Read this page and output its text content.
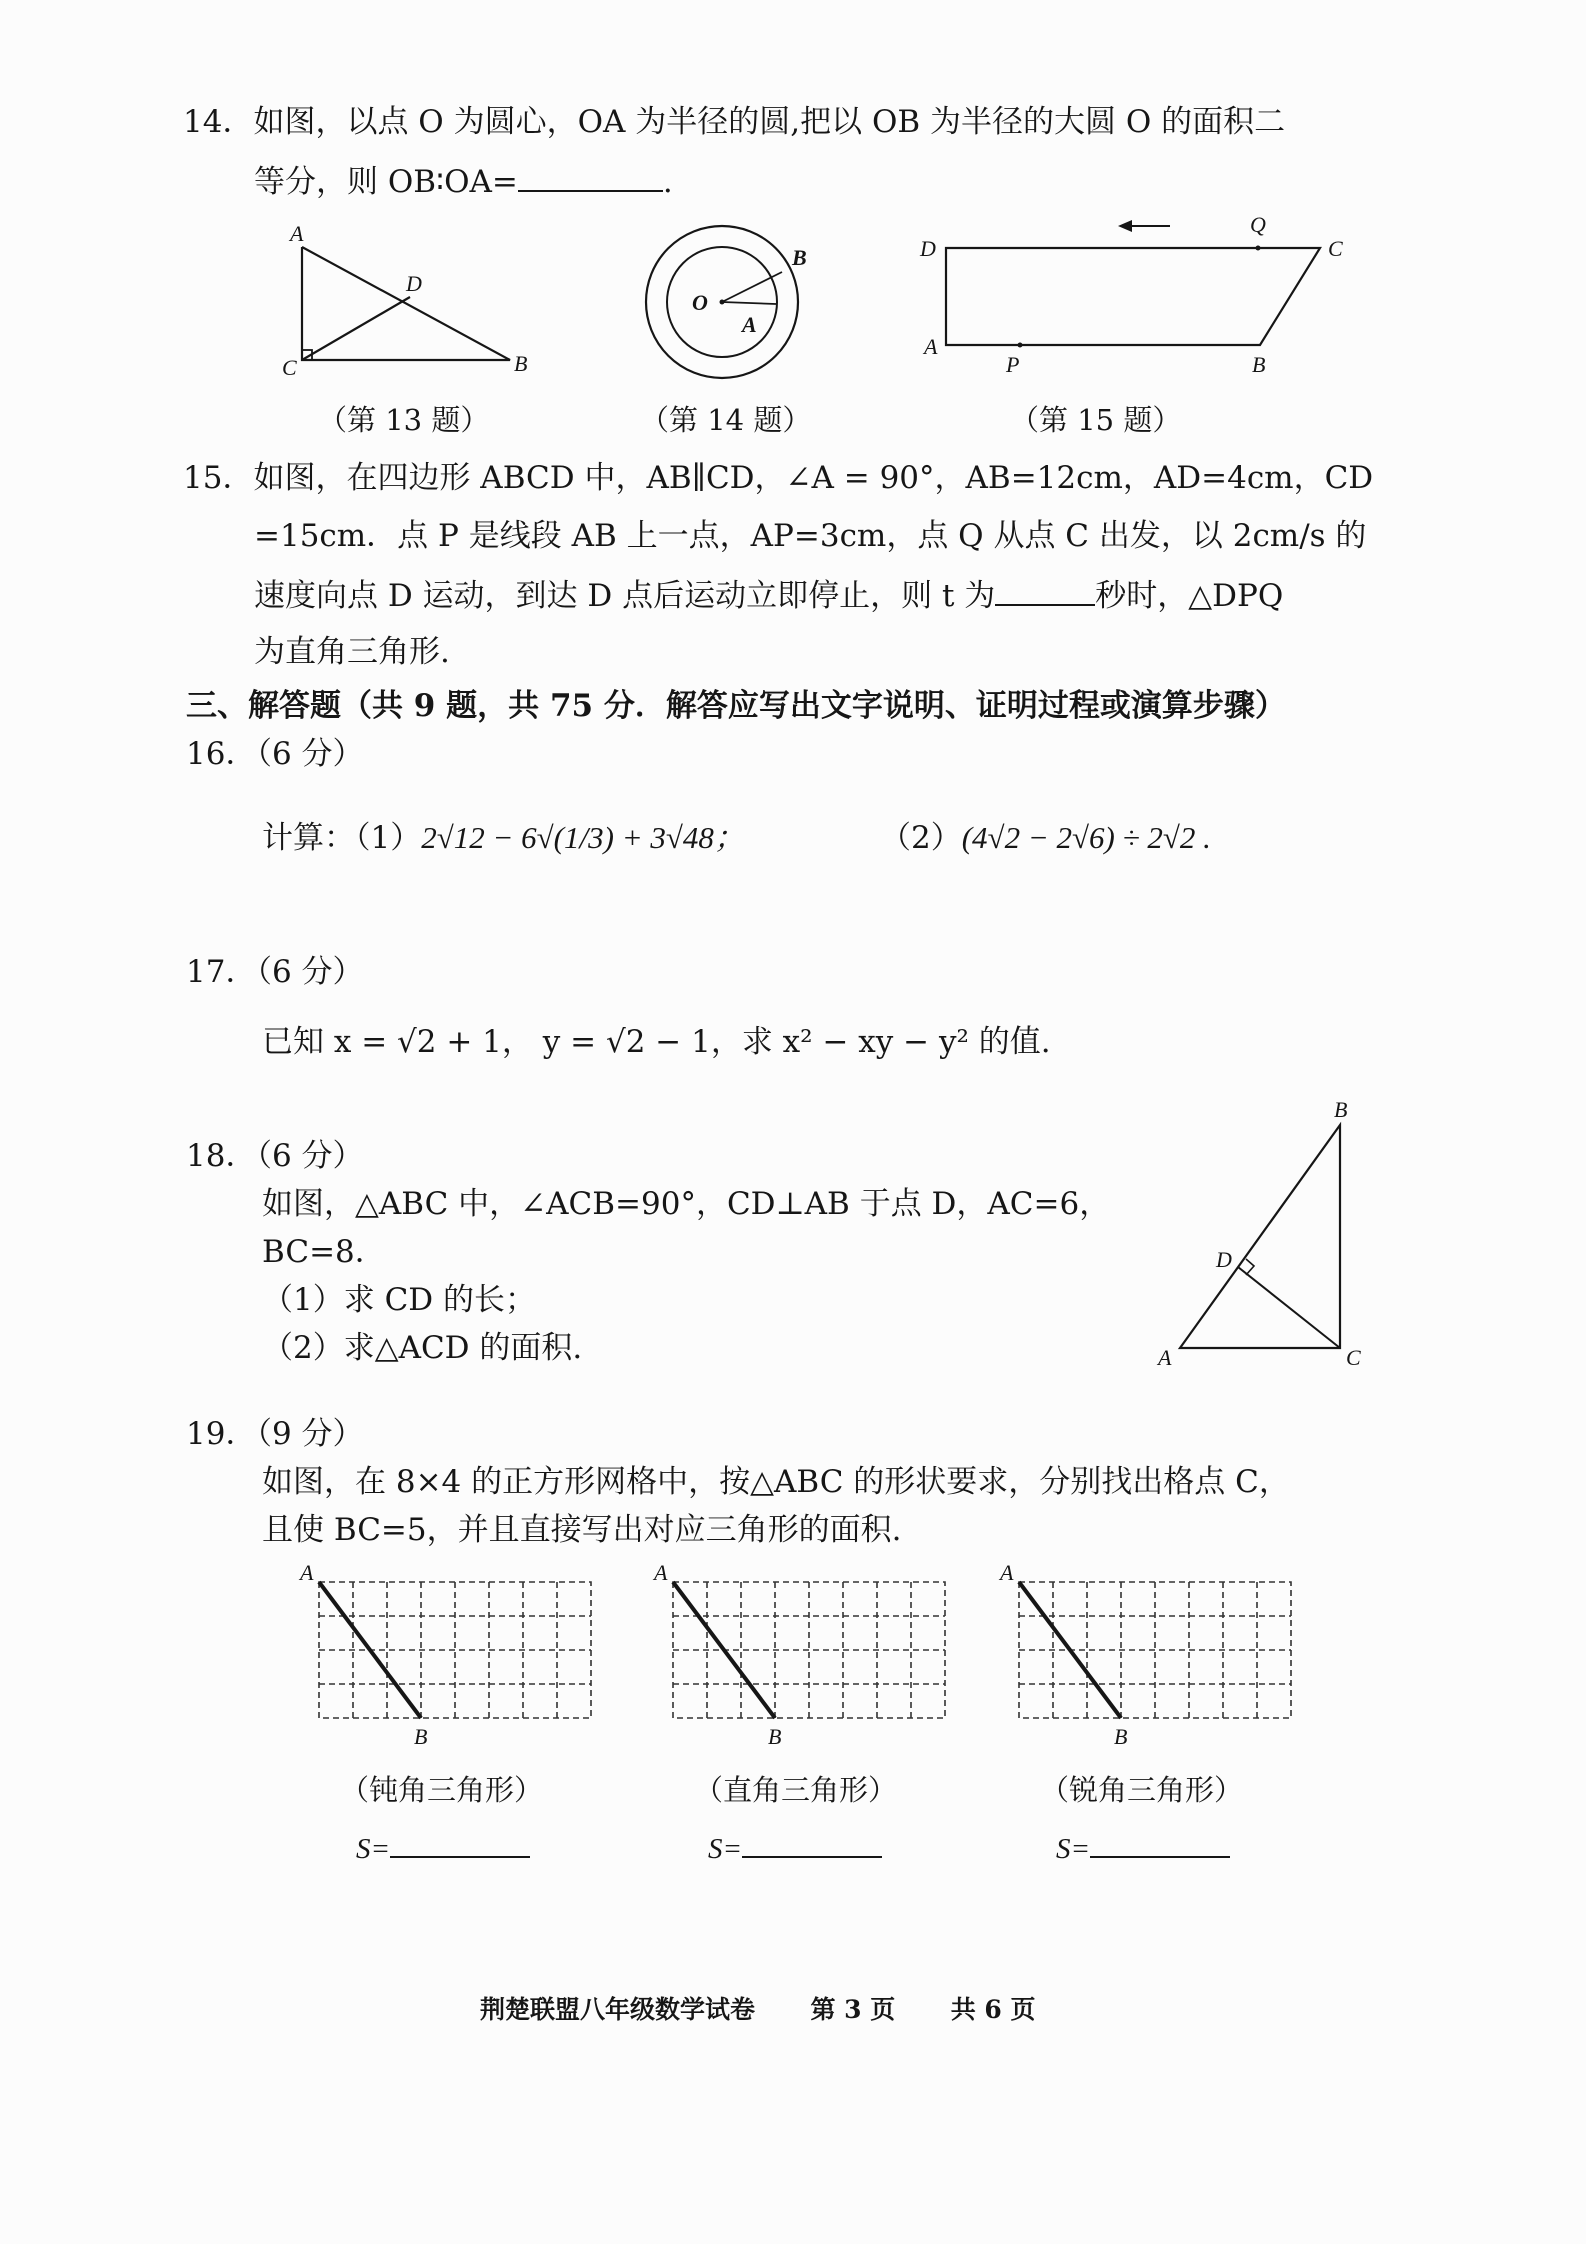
14．如图，以点 O 为圆心，OA 为半径的圆,把以 OB 为半径的大圆 O 的面积二
等分，则 OB∶OA=	.
A
D
C	B
（第 13 题）
O
B
A
（第 14 题）
D
Q
C
A
P	B
（第 15 题）
15．如图，在四边形 ABCD 中，AB∥CD，∠A = 90°，AB=12cm，AD=4cm，CD
=15cm．点 P 是线段 AB 上一点，AP=3cm，点 Q 从点 C 出发，以 2cm/s 的
速度向点 D 运动，到达 D 点后运动立即停止，则 t 为	秒时，△DPQ
为直角三角形.
三、解答题（共 9 题，共 75 分．解答应写出文字说明、证明过程或演算步骤）
16．（6 分）
计算：（1）2√12 − 6√(1/3) + 3√48；	（2）(4√2 − 2√6) ÷ 2√2 .
17．（6 分）
已知 x = √2 + 1， y = √2 − 1，求 x² − xy − y² 的值.
18．（6 分）
如图，△ABC 中，∠ACB=90°，CD⊥AB 于点 D，AC=6，
BC=8．
（1）求 CD 的长；
（2）求△ACD 的面积.
B
D
A	C
19．（9 分）
如图，在 8×4 的正方形网格中，按△ABC 的形状要求，分别找出格点 C，
且使 BC=5，并且直接写出对应三角形的面积.
A
B
（钝角三角形）
S=
A
B
（直角三角形）
S=
A
B
（锐角三角形）
S=
荆楚联盟八年级数学试卷 第 3 页 共 6 页
